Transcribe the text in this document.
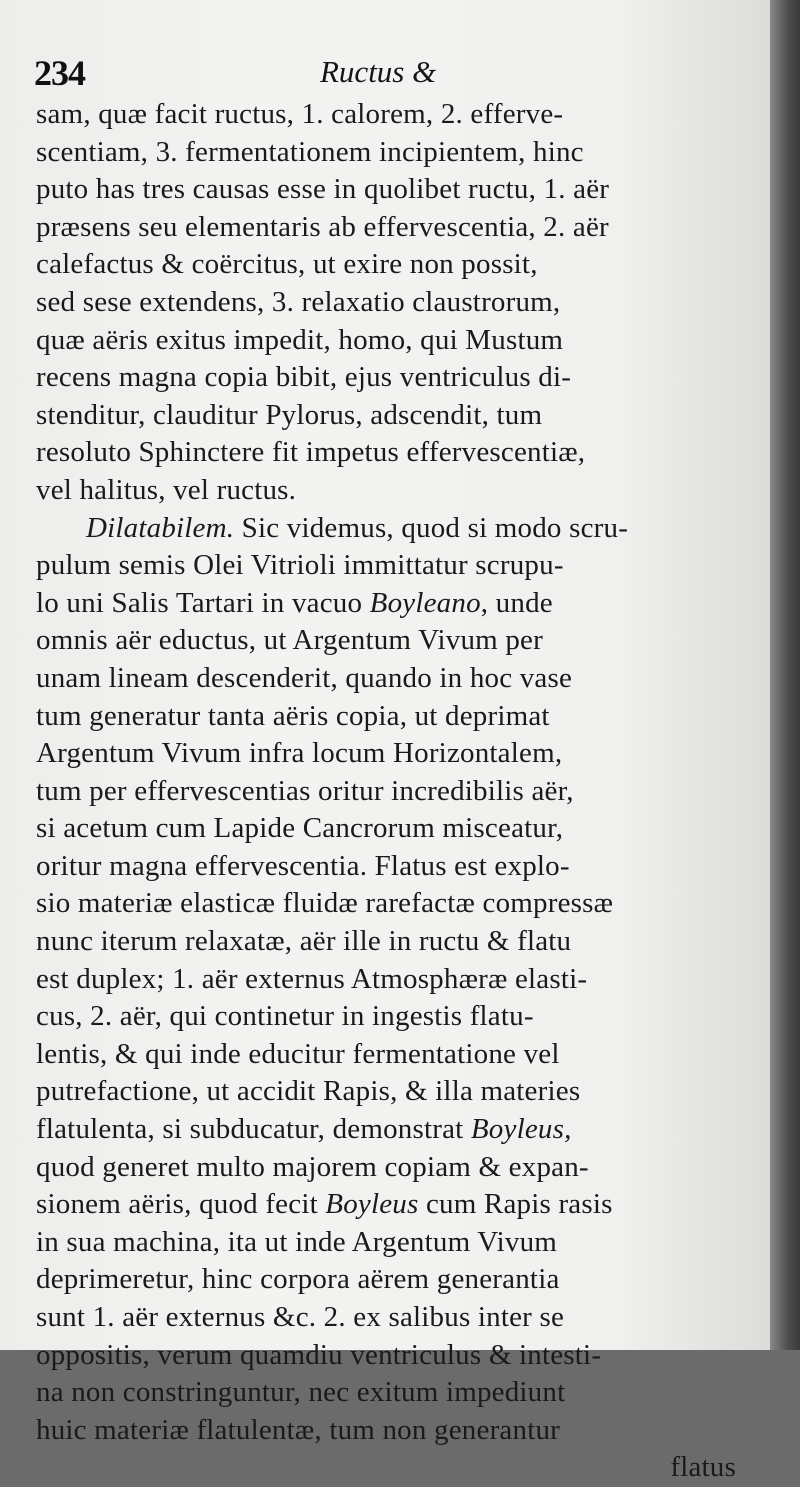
234	Ructus &
sam, quæ facit ructus, 1. calorem, 2. efferve-
scentiam, 3. fermentationem incipientem, hinc
puto has tres causas esse in quolibet ructu, 1. aër
præsens seu elementaris ab effervescentia, 2. aër
calefactus & coërcitus, ut exire non possit,
sed sese extendens, 3. relaxatio claustrorum,
quæ aëris exitus impedit, homo, qui Mustum
recens magna copia bibit, ejus ventriculus di-
stenditur, clauditur Pylorus, adscendit, tum
resoluto Sphinctere fit impetus effervescentiæ,
vel halitus, vel ructus.
Dilatabilem. Sic videmus, quod si modo scru-
pulum semis Olei Vitrioli immittatur scrupu-
lo uni Salis Tartari in vacuo Boyleano, unde
omnis aër eductus, ut Argentum Vivum per
unam lineam descenderit, quando in hoc vase
tum generatur tanta aëris copia, ut deprimat
Argentum Vivum infra locum Horizontalem,
tum per effervescentias oritur incredibilis aër,
si acetum cum Lapide Cancrorum misceatur,
oritur magna effervescentia. Flatus est explo-
sio materiæ elasticæ fluidæ rarefactæ compressæ
nunc iterum relaxatæ, aër ille in ructu & flatu
est duplex; 1. aër externus Atmosphæræ elasti-
cus, 2. aër, qui continetur in ingestis flatu-
lentis, & qui inde educitur fermentatione vel
putrefactione, ut accidit Rapis, & illa materies
flatulenta, si subducatur, demonstrat Boyleus,
quod generet multo majorem copiam & expan-
sionem aëris, quod fecit Boyleus cum Rapis rasis
in sua machina, ita ut inde Argentum Vivum
deprimeretur, hinc corpora aërem generantia
sunt 1. aër externus &c. 2. ex salibus inter se
oppositis, verum quamdiu ventriculus & intesti-
na non constringuntur, nec exitum impediunt
huic materiæ flatulentæ, tum non generantur
flatus
